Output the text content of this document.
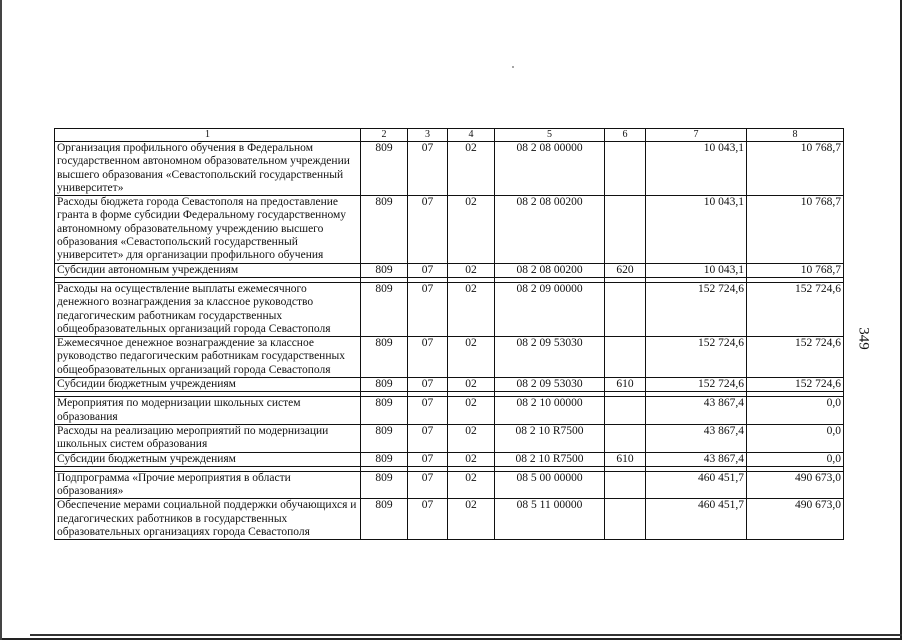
349
1	2	3	4	5	6	7	8
Организация профильного обучения в Федеральном государственном автономном образовательном учреждении высшего образования «Севастопольский государственный университет»	809	07	02	08 2 08 00000		10 043,1	10 768,7
Расходы бюджета города Севастополя на предоставление гранта в форме субсидии Федеральному государственному автономному образовательному учреждению высшего образования «Севастопольский государственный университет» для организации профильного обучения	809	07	02	08 2 08 00200		10 043,1	10 768,7
Субсидии автономным учреждениям	809	07	02	08 2 08 00200	620	10 043,1	10 768,7

Расходы на осуществление выплаты ежемесячного денежного вознаграждения за классное руководство педагогическим работникам государственных общеобразовательных организаций города Севастополя	809	07	02	08 2 09 00000		152 724,6	152 724,6
Ежемесячное денежное вознаграждение за классное руководство педагогическим работникам государственных общеобразовательных организаций города Севастополя	809	07	02	08 2 09 53030		152 724,6	152 724,6
Субсидии бюджетным учреждениям	809	07	02	08 2 09 53030	610	152 724,6	152 724,6

Мероприятия по модернизации школьных систем образования	809	07	02	08 2 10 00000		43 867,4	0,0
Расходы на реализацию мероприятий по модернизации школьных систем образования	809	07	02	08 2 10 R7500		43 867,4	0,0
Субсидии бюджетным учреждениям	809	07	02	08 2 10 R7500	610	43 867,4	0,0

Подпрограмма «Прочие мероприятия в области образования»	809	07	02	08 5 00 00000		460 451,7	490 673,0
Обеспечение мерами социальной поддержки обучающихся и педагогических работников в государственных образовательных организациях города Севастополя	809	07	02	08 5 11 00000		460 451,7	490 673,0
